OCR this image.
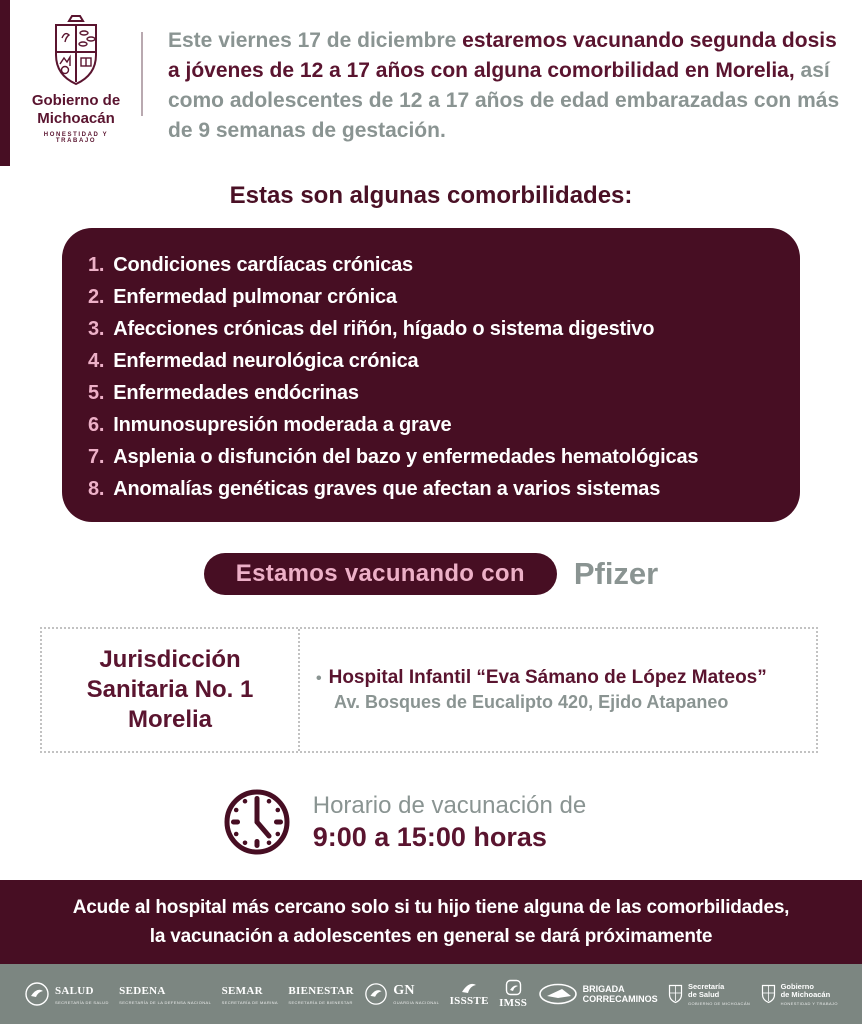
Gobierno de Michoacán
HONESTIDAD Y TRABAJO
Este viernes 17 de diciembre estaremos vacunando segunda dosis a jóvenes de 12 a 17 años con alguna comorbilidad en Morelia, así como adolescentes de 12 a 17 años de edad embarazadas con más de 9 semanas de gestación.
Estas son algunas comorbilidades:
1. Condiciones cardíacas crónicas
2. Enfermedad pulmonar crónica
3. Afecciones crónicas del riñón, hígado o sistema digestivo
4. Enfermedad neurológica crónica
5. Enfermedades endócrinas
6. Inmunosupresión moderada a grave
7. Asplenia o disfunción del bazo y enfermedades hematológicas
8. Anomalías genéticas graves que afectan a varios sistemas
Estamos vacunando con	Pfizer
Jurisdicción
Sanitaria No. 1
Morelia
• Hospital Infantil “Eva Sámano de López Mateos”
Av. Bosques de Eucalipto 420, Ejido Atapaneo
Horario de vacunación de
9:00 a 15:00 horas
Acude al hospital más cercano solo si tu hijo tiene alguna de las comorbilidades,
la vacunación a adolescentes en general se dará próximamente
SALUD
SECRETARÍA DE SALUD
SEDENA
SECRETARÍA DE LA DEFENSA NACIONAL
SEMAR
SECRETARÍA DE MARINA
BIENESTAR
SECRETARÍA DE BIENESTAR
GN
GUARDIA NACIONAL ISSSTE IMSS
BRIGADA
CORRECAMINOS
Secretaría
de Salud
GOBIERNO DE MICHOACÁN
Gobierno
de Michoacán
HONESTIDAD Y TRABAJO
